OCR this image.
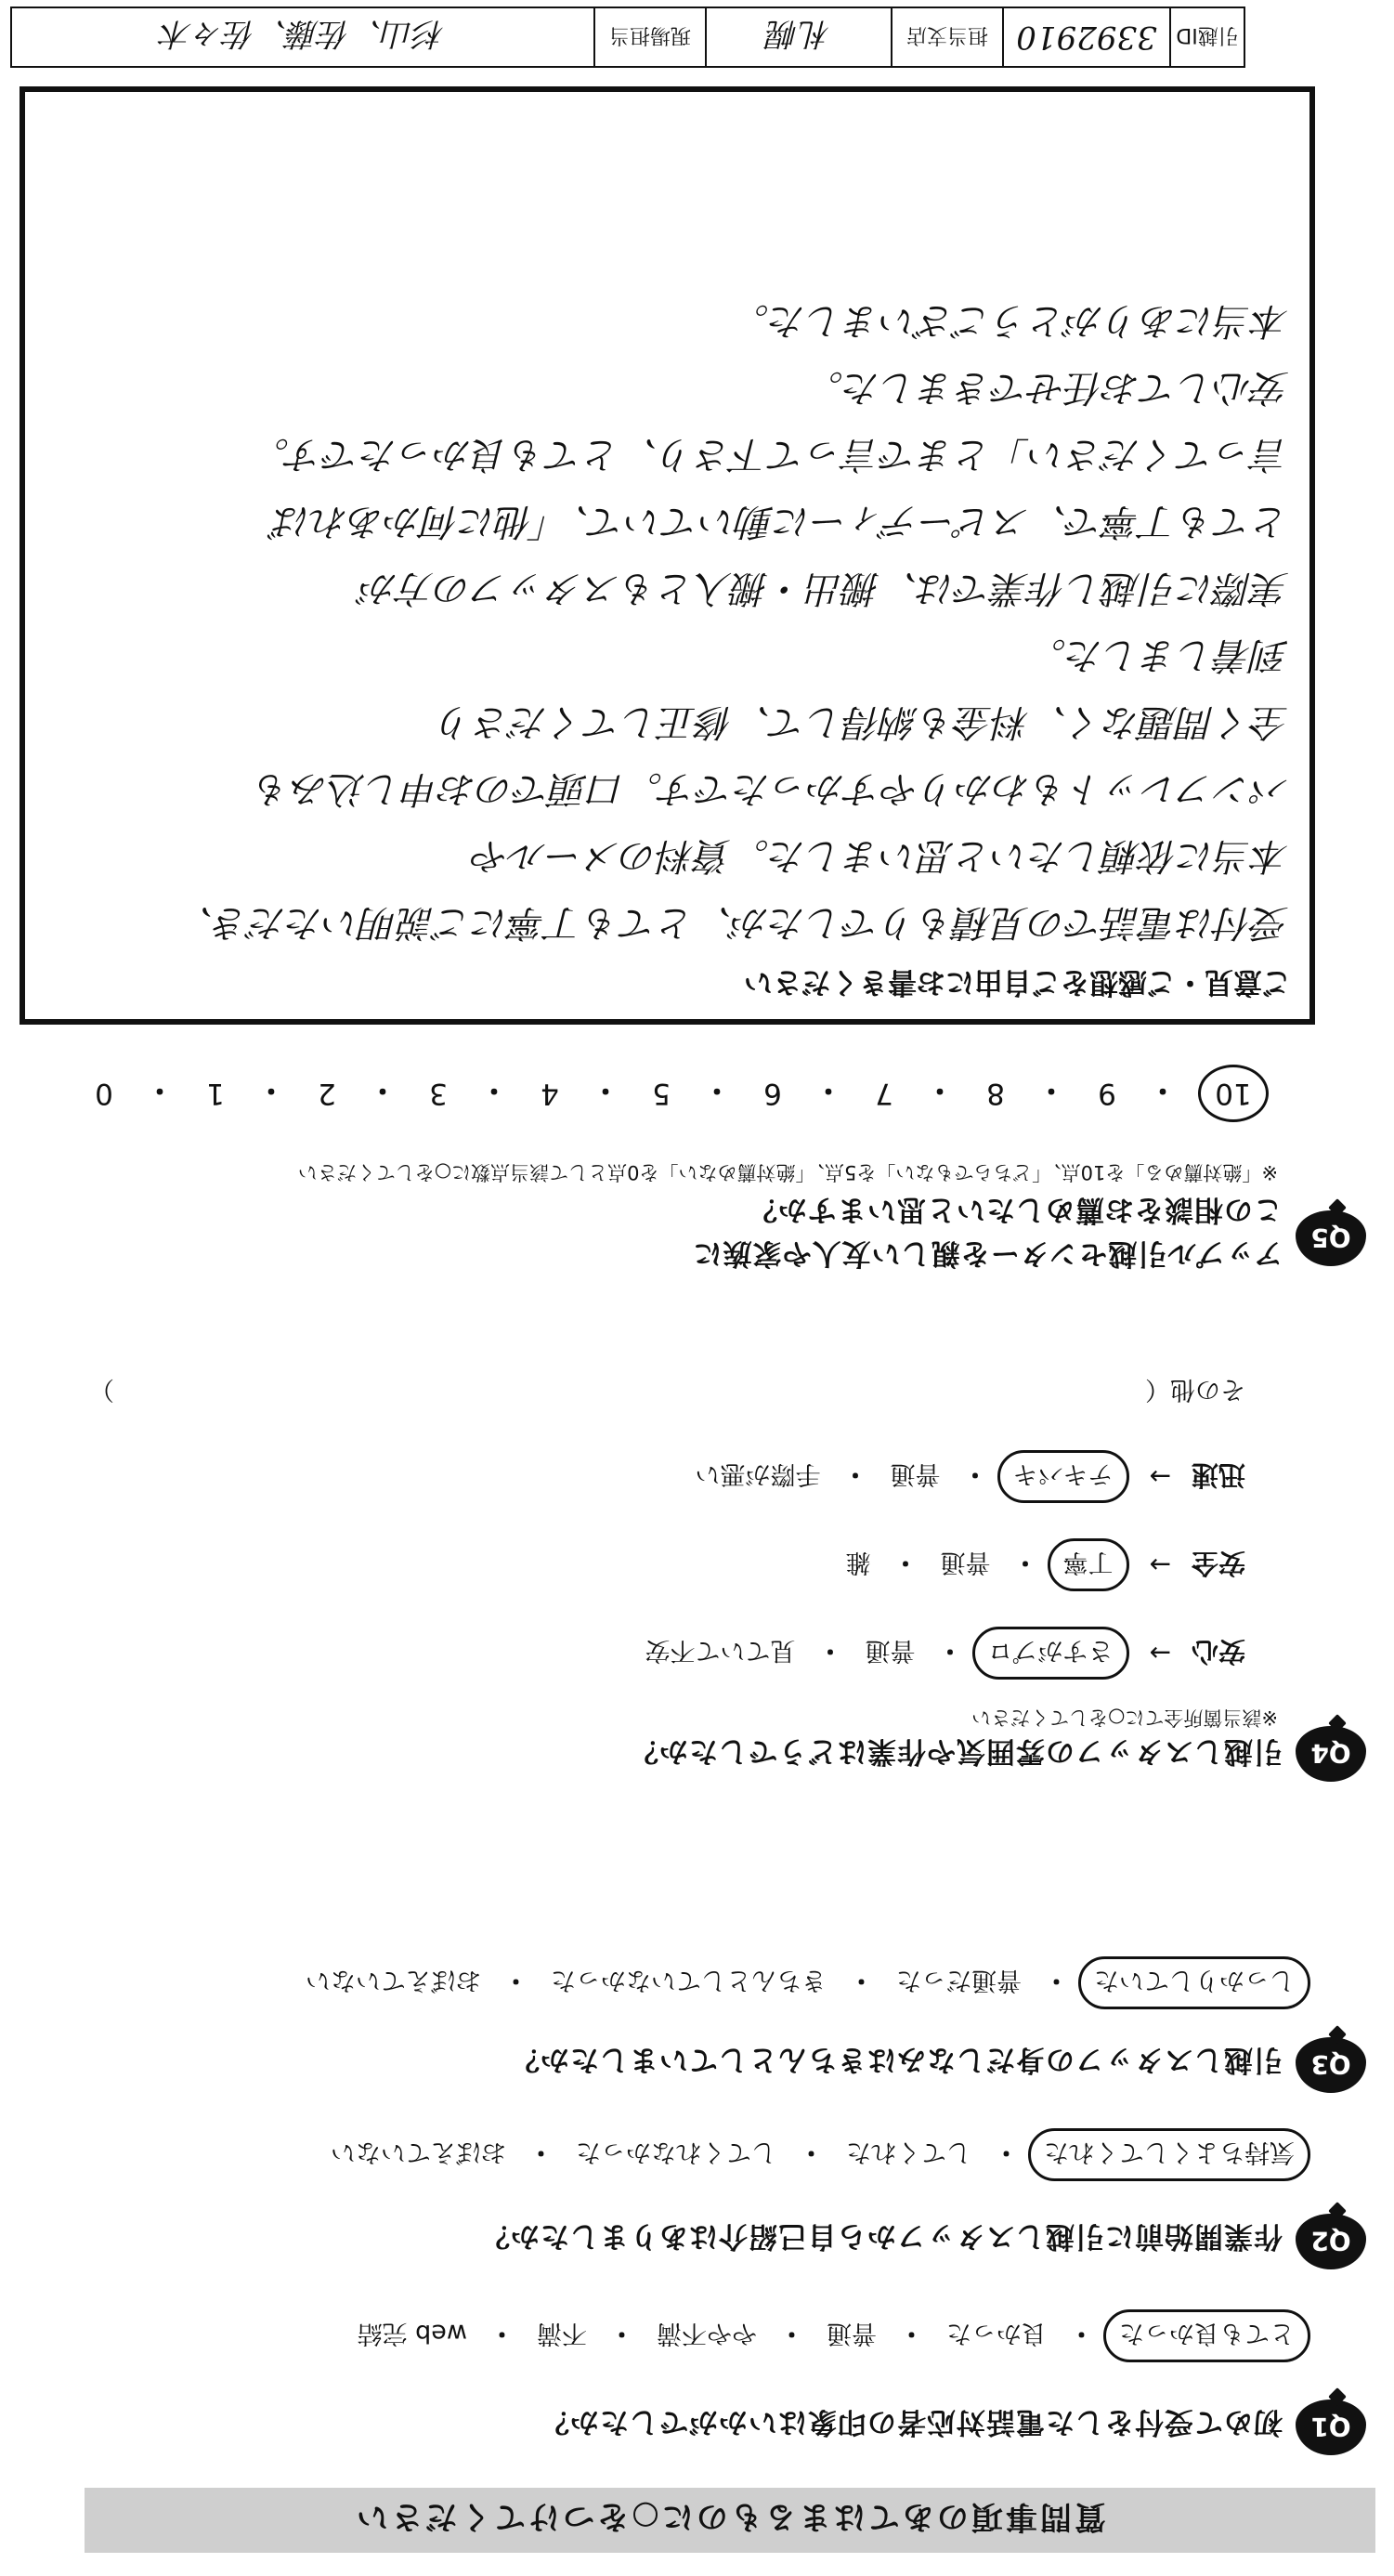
質問事項のあてはまるものに○をつけてください
Q1
初めて受付をした電話対応者の印象はいかがでしたか？
とても良かった
・
良かった
・
普通
・
やや不満
・
不満
・
web 完結
Q2
作業開始前に引越しスタッフから自己紹介はありましたか？
気持ちよくしてくれた
・
してくれた
・
してくれなかった
・
おぼえていない
Q3
引越しスタッフの身だしなみはきちんとしていましたか？
しっかりしていた
・
普通だった
・
きちんとしていなかった
・
おぼえていない
Q4
引越しスタッフの雰囲気や作業はどうでしたか？
※該当箇所全てに○をしてください
安心
→
さすがプロ
・
普通
・
見ていて不安
安全
→
丁寧
・
普通
・
雑
迅速
→
テキパキ
・
普通
・
手際が悪い
その他（
）
Q5
アップル引越センターを親しい友人や家族に
この相談をお薦めしたいと思いますか？
※「絶対薦める」を10点、「どちらでもない」を5点、「絶対薦めない」を0点として該当点数に○をしてください
10
・
9
・
8
・
7
・
6
・
5
・
4
・
3
・
2
・
1
・
0
ご意見・ご感想をご自由にお書きください
受付は電話での見積もりでしたが、とても丁寧にご説明いただき、
本当に依頼したいと思いました。資料のメールや
パンフレットもわかりやすかったです。口頭でのお申し込みも
全く問題なく、料金も納得して、修正してくださり
到着しました。
実際に引越し作業では、搬出・搬入ともスタッフの方が
とても丁寧で、スピーディーに動いていて、「他に何かあれば
言ってください」とまで言って下さり、とても良かったです。
安心してお任せできました。
本当にありがとうございました。
引越ID
3392910
担当支店
札幌
現場担当
杉山、佐藤、佐々木
